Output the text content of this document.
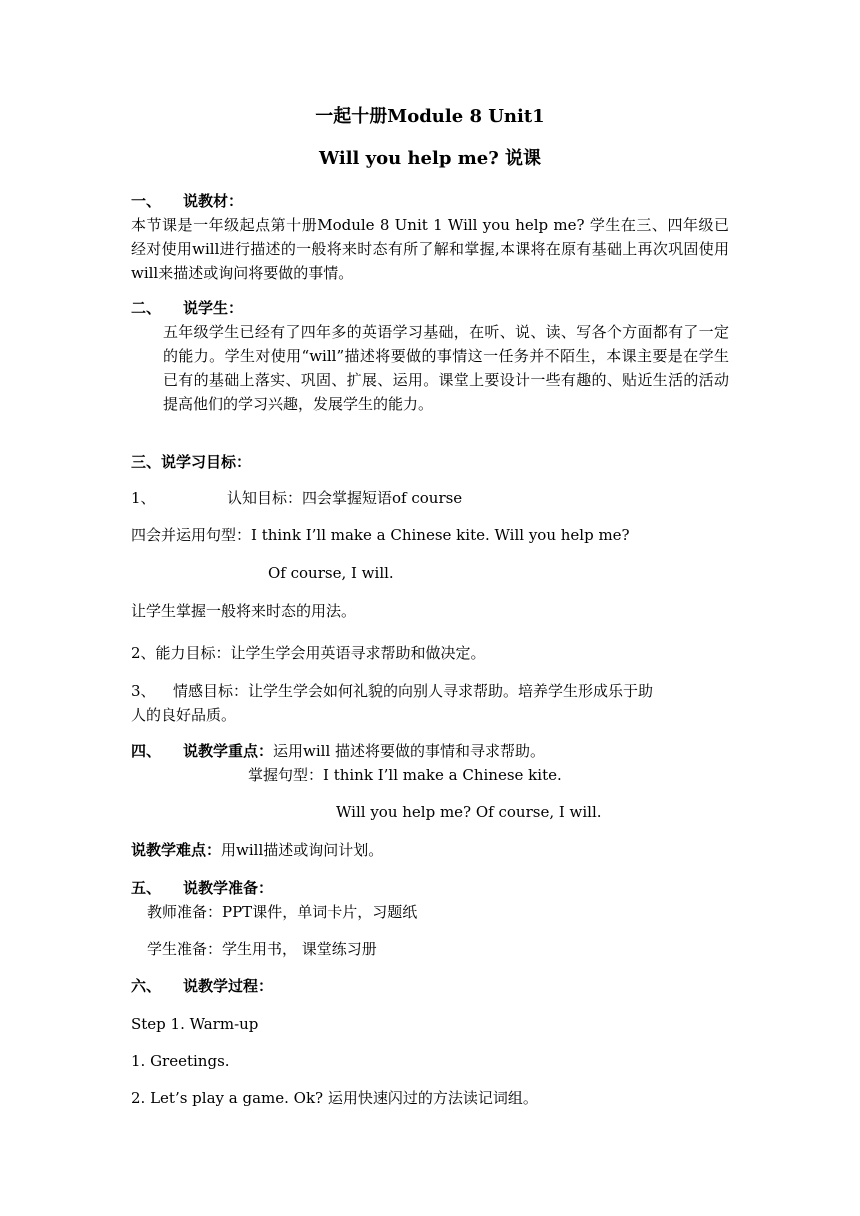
一起十册Module 8 Unit1
Will you help me? 说课
一、 说教材：
本节课是一年级起点第十册Module 8 Unit 1 Will you help me? 学生在三、四年级已经对使用will进行描述的一般将来时态有所了解和掌握,本课将在原有基础上再次巩固使用will来描述或询问将要做的事情。
二、 说学生：
五年级学生已经有了四年多的英语学习基础，在听、说、读、写各个方面都有了一定的能力。学生对使用“will”描述将要做的事情这一任务并不陌生，本课主要是在学生已有的基础上落实、巩固、扩展、运用。课堂上要设计一些有趣的、贴近生活的活动提高他们的学习兴趣，发展学生的能力。
三、说学习目标：
1、	认知目标：四会掌握短语of course
四会并运用句型：I think I’ll make a Chinese kite. Will you help me?
Of course, I will.
让学生掌握一般将来时态的用法。
2、能力目标：让学生学会用英语寻求帮助和做决定。
3、 情感目标：让学生学会如何礼貌的向别人寻求帮助。培养学生形成乐于助
人的良好品质。
四、 说教学重点：运用will 描述将要做的事情和寻求帮助。
掌握句型：I think I’ll make a Chinese kite.
Will you help me? Of course, I will.
说教学难点：用will描述或询问计划。
五、 说教学准备：
教师准备：PPT课件，单词卡片，习题纸
学生准备：学生用书， 课堂练习册
六、 说教学过程：
Step 1. Warm-up
1. Greetings.
2. Let’s play a game. Ok? 运用快速闪过的方法读记词组。
